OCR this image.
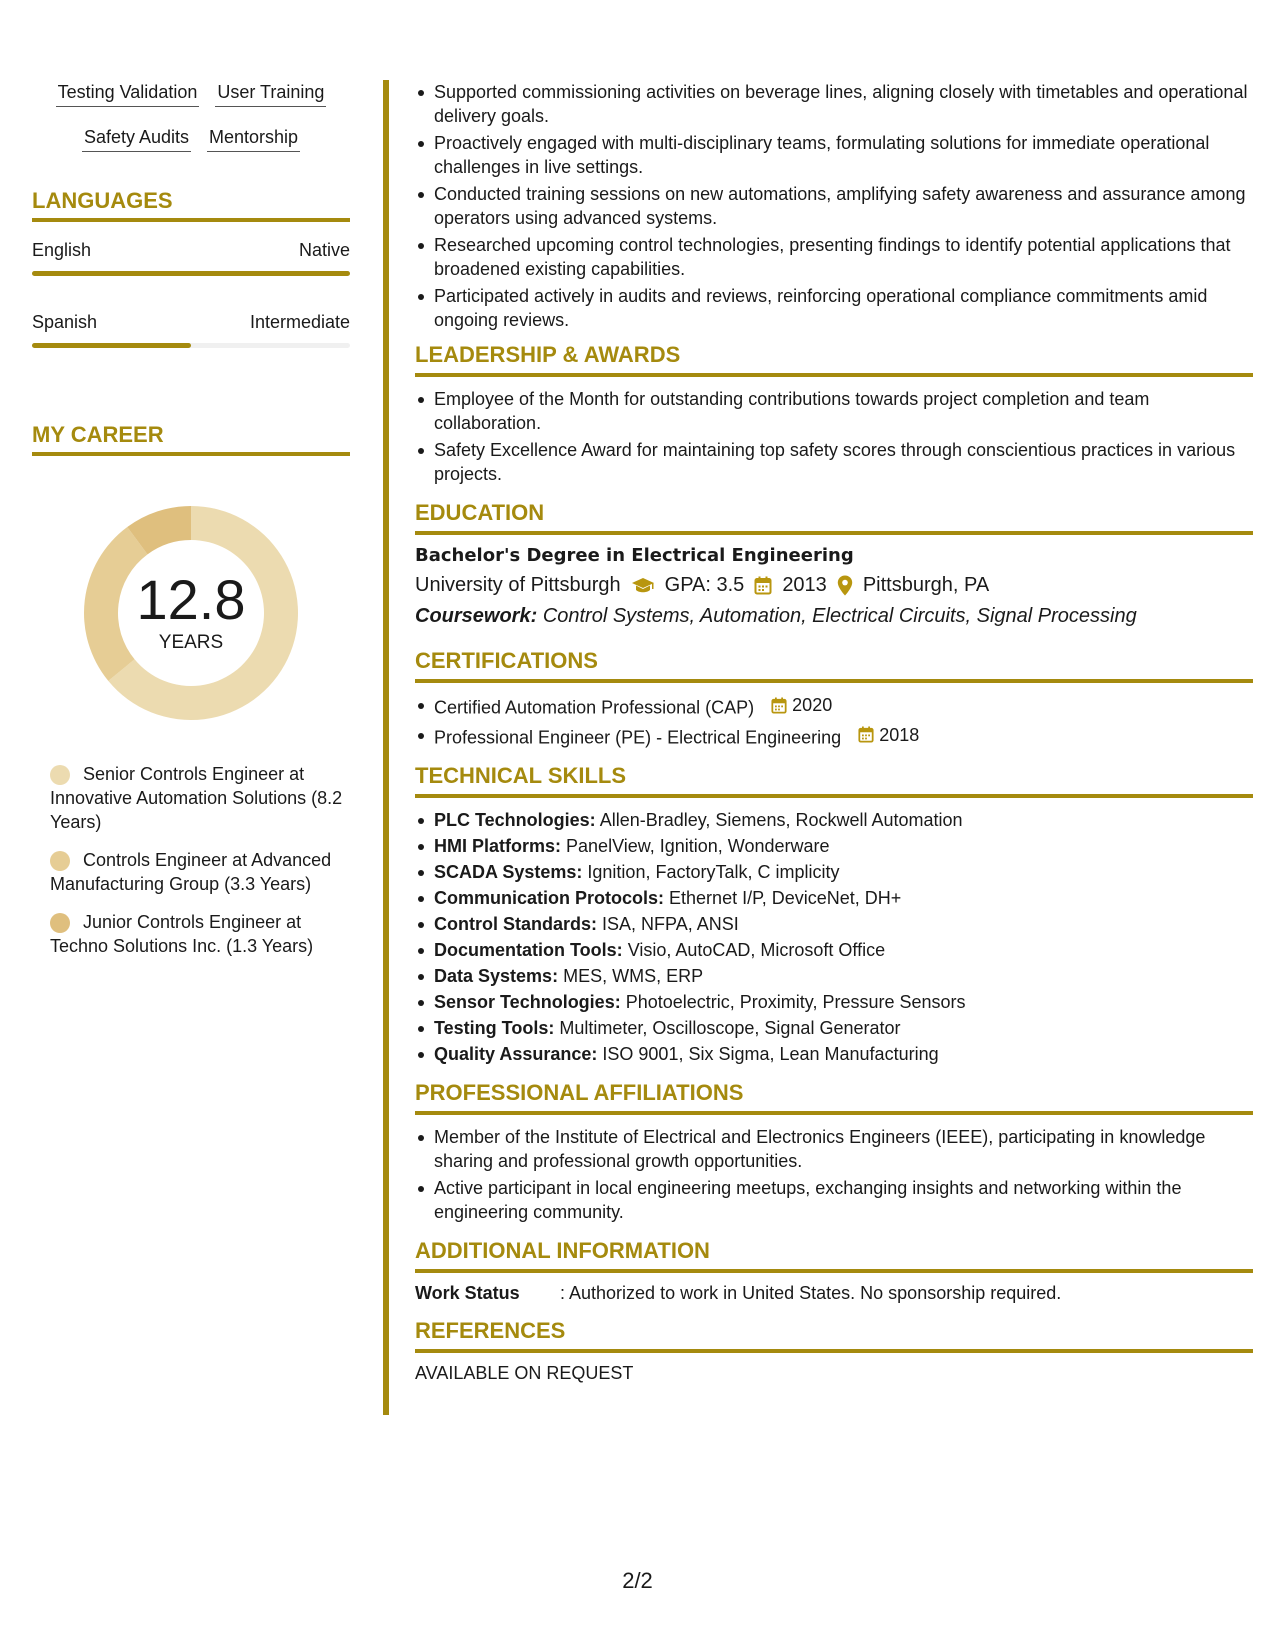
Testing Validation User Training
Safety Audits Mentorship
LANGUAGES
English	Native
Spanish	Intermediate
MY CAREER
12.8
YEARS
Senior Controls Engineer at Innovative Automation Solutions (8.2 Years)
Controls Engineer at Advanced Manufacturing Group (3.3 Years)
Junior Controls Engineer at Techno Solutions Inc. (1.3 Years)
Supported commissioning activities on beverage lines, aligning closely with timetables and operational delivery goals.
Proactively engaged with multi-disciplinary teams, formulating solutions for immediate operational challenges in live settings.
Conducted training sessions on new automations, amplifying safety awareness and assurance among operators using advanced systems.
Researched upcoming control technologies, presenting findings to identify potential applications that broadened existing capabilities.
Participated actively in audits and reviews, reinforcing operational compliance commitments amid ongoing reviews.
LEADERSHIP & AWARDS
Employee of the Month for outstanding contributions towards project completion and team collaboration.
Safety Excellence Award for maintaining top safety scores through conscientious practices in various projects.
EDUCATION
Bachelor's Degree in Electrical Engineering
University of Pittsburgh GPA: 3.5 2013 Pittsburgh, PA
Coursework: Control Systems, Automation, Electrical Circuits, Signal Processing
CERTIFICATIONS
Certified Automation Professional (CAP) 2020
Professional Engineer (PE) - Electrical Engineering 2018
TECHNICAL SKILLS
PLC Technologies: Allen-Bradley, Siemens, Rockwell Automation
HMI Platforms: PanelView, Ignition, Wonderware
SCADA Systems: Ignition, FactoryTalk, C implicity
Communication Protocols: Ethernet I/P, DeviceNet, DH+
Control Standards: ISA, NFPA, ANSI
Documentation Tools: Visio, AutoCAD, Microsoft Office
Data Systems: MES, WMS, ERP
Sensor Technologies: Photoelectric, Proximity, Pressure Sensors
Testing Tools: Multimeter, Oscilloscope, Signal Generator
Quality Assurance: ISO 9001, Six Sigma, Lean Manufacturing
PROFESSIONAL AFFILIATIONS
Member of the Institute of Electrical and Electronics Engineers (IEEE), participating in knowledge sharing and professional growth opportunities.
Active participant in local engineering meetups, exchanging insights and networking within the engineering community.
ADDITIONAL INFORMATION
Work Status	: Authorized to work in United States. No sponsorship required.
REFERENCES
AVAILABLE ON REQUEST
2/2
